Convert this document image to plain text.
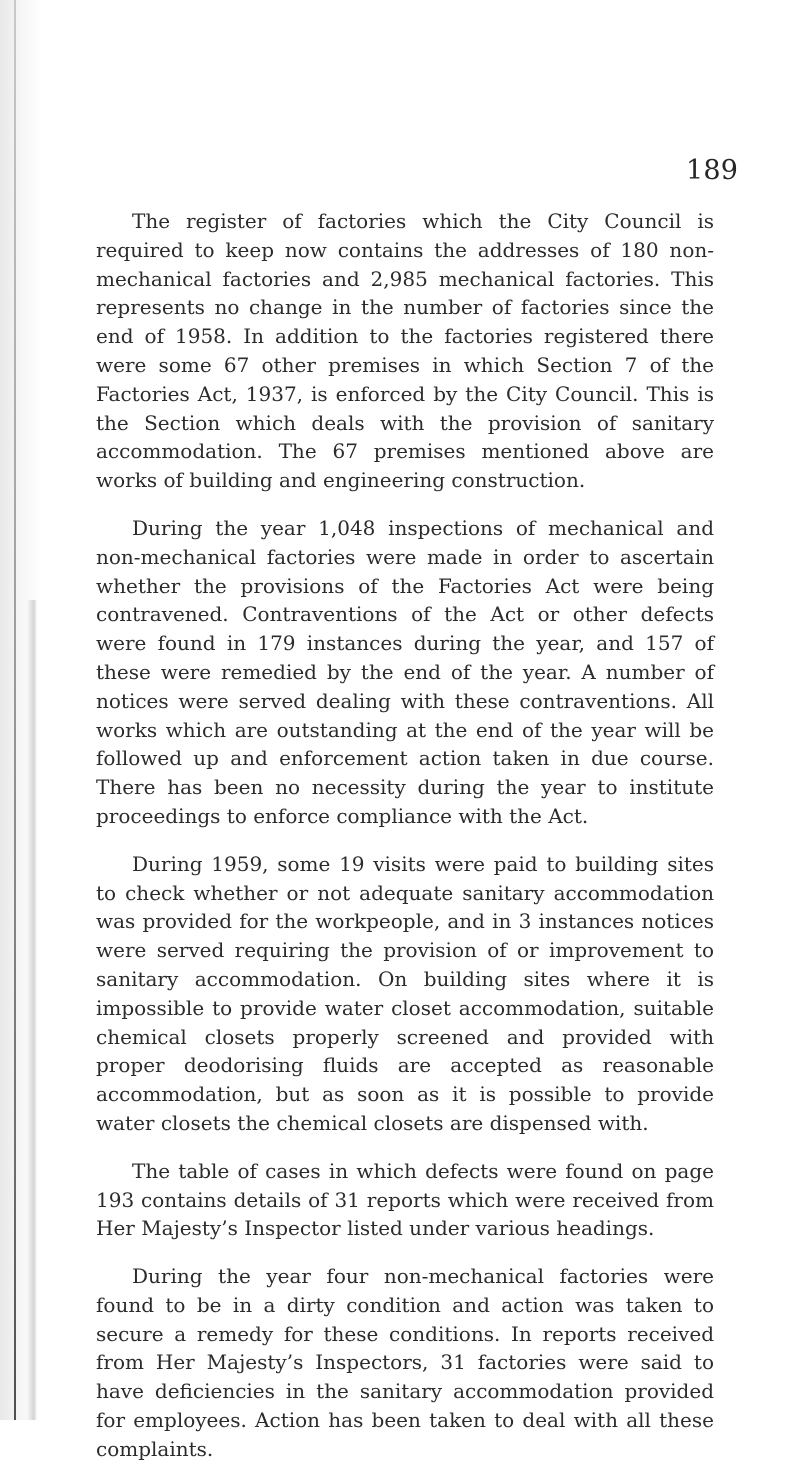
189

The register of factories which the City Council is required to keep now contains the addresses of 180 non-mechanical factories and 2,985 mechanical factories. This represents no change in the number of factories since the end of 1958. In addition to the factories registered there were some 67 other premises in which Section 7 of the Factories Act, 1937, is enforced by the City Council. This is the Section which deals with the provision of sanitary accommodation. The 67 premises mentioned above are works of building and engineering construction.

During the year 1,048 inspections of mechanical and non-mechanical factories were made in order to ascertain whether the provisions of the Factories Act were being contravened. Contraventions of the Act or other defects were found in 179 instances during the year, and 157 of these were remedied by the end of the year. A number of notices were served dealing with these contraventions. All works which are outstanding at the end of the year will be followed up and enforcement action taken in due course. There has been no necessity during the year to institute proceedings to enforce compliance with the Act.

During 1959, some 19 visits were paid to building sites to check whether or not adequate sanitary accommodation was provided for the workpeople, and in 3 instances notices were served requiring the provision of or improvement to sanitary accommodation. On building sites where it is impossible to provide water closet accommodation, suitable chemical closets properly screened and provided with proper deodorising fluids are accepted as reasonable accommodation, but as soon as it is possible to provide water closets the chemical closets are dispensed with.

The table of cases in which defects were found on page 193 contains details of 31 reports which were received from Her Majesty’s Inspector listed under various headings.

During the year four non-mechanical factories were found to be in a dirty condition and action was taken to secure a remedy for these conditions. In reports received from Her Majesty’s Inspectors, 31 factories were said to have deficiencies in the sanitary accommodation provided for employees. Action has been taken to deal with all these complaints.
